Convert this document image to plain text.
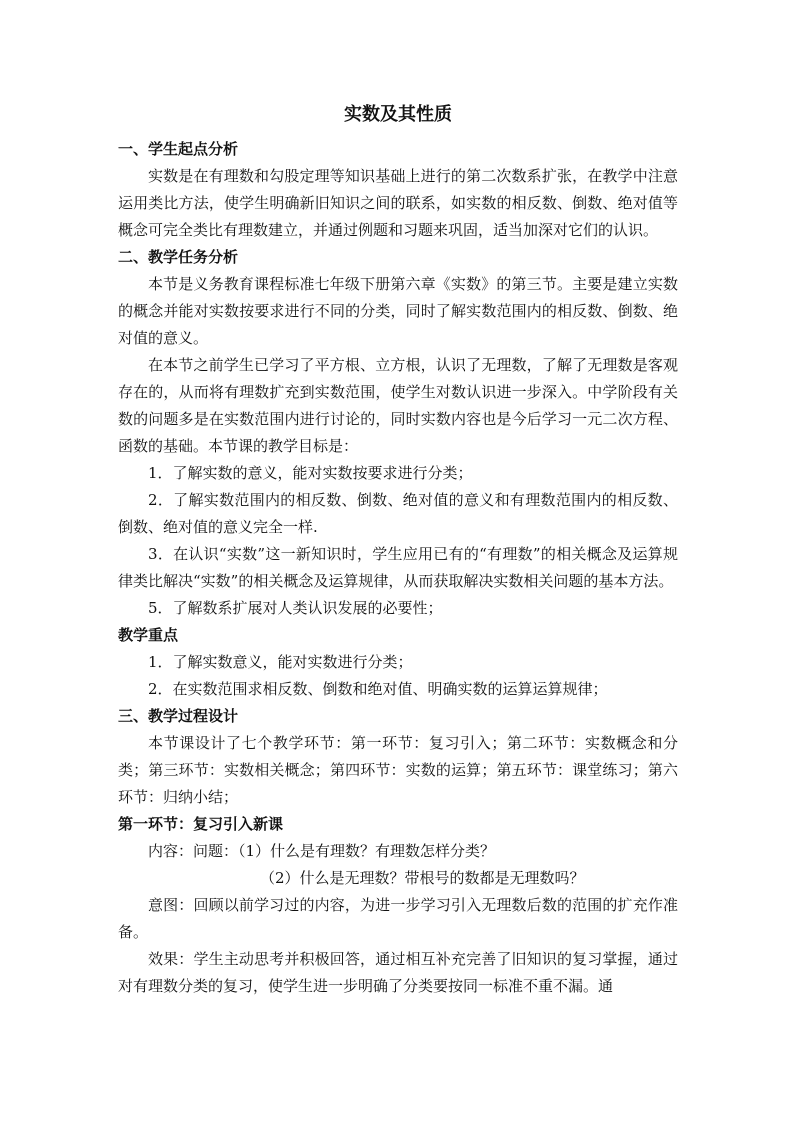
实数及其性质
一、学生起点分析
实数是在有理数和勾股定理等知识基础上进行的第二次数系扩张，在教学中注意运用类比方法，使学生明确新旧知识之间的联系，如实数的相反数、倒数、绝对值等概念可完全类比有理数建立，并通过例题和习题来巩固，适当加深对它们的认识。
二、教学任务分析
本节是义务教育课程标准七年级下册第六章《实数》的第三节。主要是建立实数的概念并能对实数按要求进行不同的分类，同时了解实数范围内的相反数、倒数、绝对值的意义。
在本节之前学生已学习了平方根、立方根，认识了无理数，了解了无理数是客观存在的，从而将有理数扩充到实数范围，使学生对数认识进一步深入。中学阶段有关数的问题多是在实数范围内进行讨论的，同时实数内容也是今后学习一元二次方程、函数的基础。本节课的教学目标是：
1．了解实数的意义，能对实数按要求进行分类；
2．了解实数范围内的相反数、倒数、绝对值的意义和有理数范围内的相反数、倒数、绝对值的意义完全一样.
3．在认识“实数”这一新知识时，学生应用已有的“有理数”的相关概念及运算规律类比解决“实数”的相关概念及运算规律，从而获取解决实数相关问题的基本方法。
5．了解数系扩展对人类认识发展的必要性；
教学重点
1．了解实数意义，能对实数进行分类；
2．在实数范围求相反数、倒数和绝对值、明确实数的运算运算规律；
三、教学过程设计
本节课设计了七个教学环节：第一环节：复习引入；第二环节：实数概念和分类；第三环节：实数相关概念；第四环节：实数的运算；第五环节：课堂练习；第六环节：归纳小结；
第一环节：复习引入新课
内容：问题：（1）什么是有理数？有理数怎样分类？
（2）什么是无理数？带根号的数都是无理数吗？
意图：回顾以前学习过的内容，为进一步学习引入无理数后数的范围的扩充作准备。
效果：学生主动思考并积极回答，通过相互补充完善了旧知识的复习掌握，通过对有理数分类的复习，使学生进一步明确了分类要按同一标准不重不漏。通
